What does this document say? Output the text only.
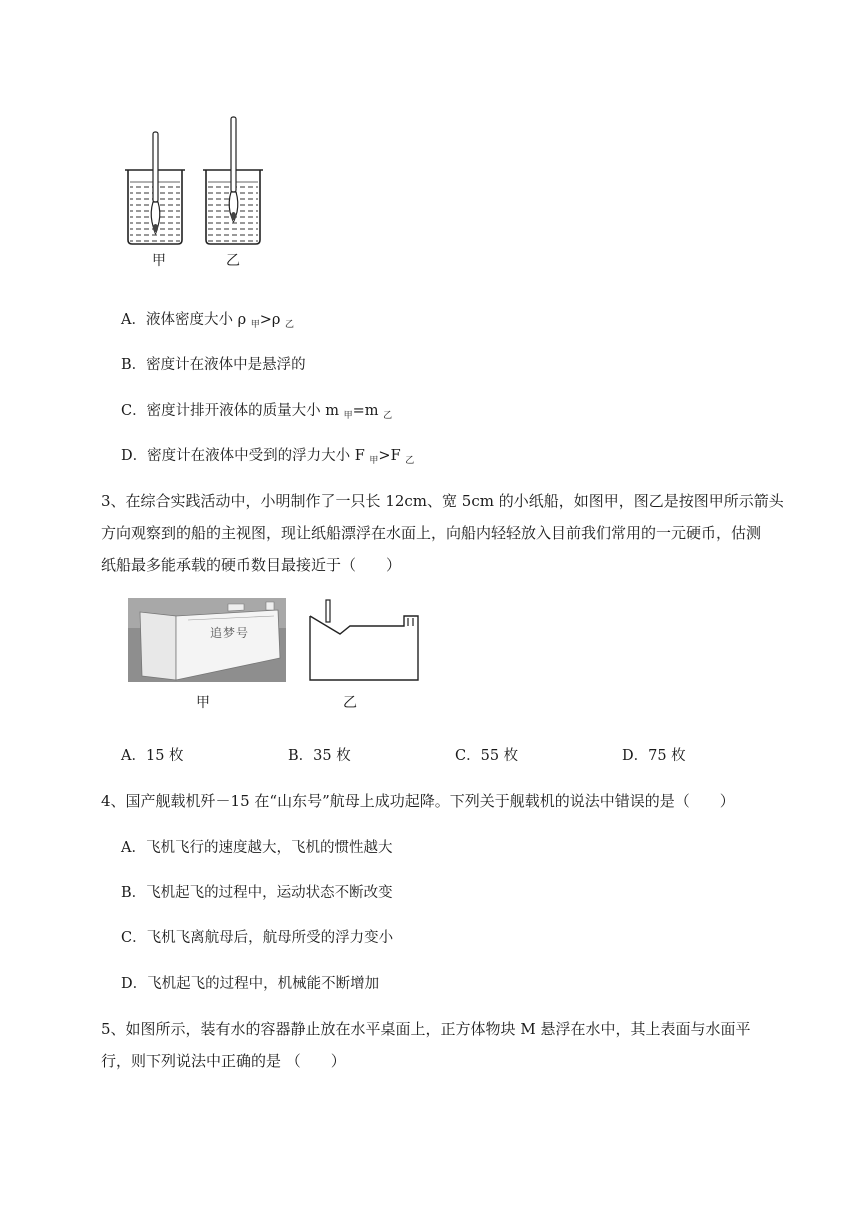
甲	乙
A．液体密度大小 ρ $_甲$>ρ $_乙$
B．密度计在液体中是悬浮的
C．密度计排开液体的质量大小 m $_甲$=m $_乙$
D．密度计在液体中受到的浮力大小 F $_甲$>F $_乙$
3、在综合实践活动中，小明制作了一只长 12cm、宽 5cm 的小纸船，如图甲，图乙是按图甲所示箭头
方向观察到的船的主视图，现让纸船漂浮在水面上，向船内轻轻放入目前我们常用的一元硬币，估测
纸船最多能承载的硬币数目最接近于（　　）
追梦号
甲	乙
A．15 枚	B．35 枚	C．55 枚	D．75 枚
4、国产舰载机歼－15 在“山东号”航母上成功起降。下列关于舰载机的说法中错误的是（　　）
A．飞机飞行的速度越大，飞机的惯性越大
B．飞机起飞的过程中，运动状态不断改变
C．飞机飞离航母后，航母所受的浮力变小
D．飞机起飞的过程中，机械能不断增加
5、如图所示，装有水的容器静止放在水平桌面上，正方体物块 M 悬浮在水中，其上表面与水面平
行，则下列说法中正确的是 （　　）
